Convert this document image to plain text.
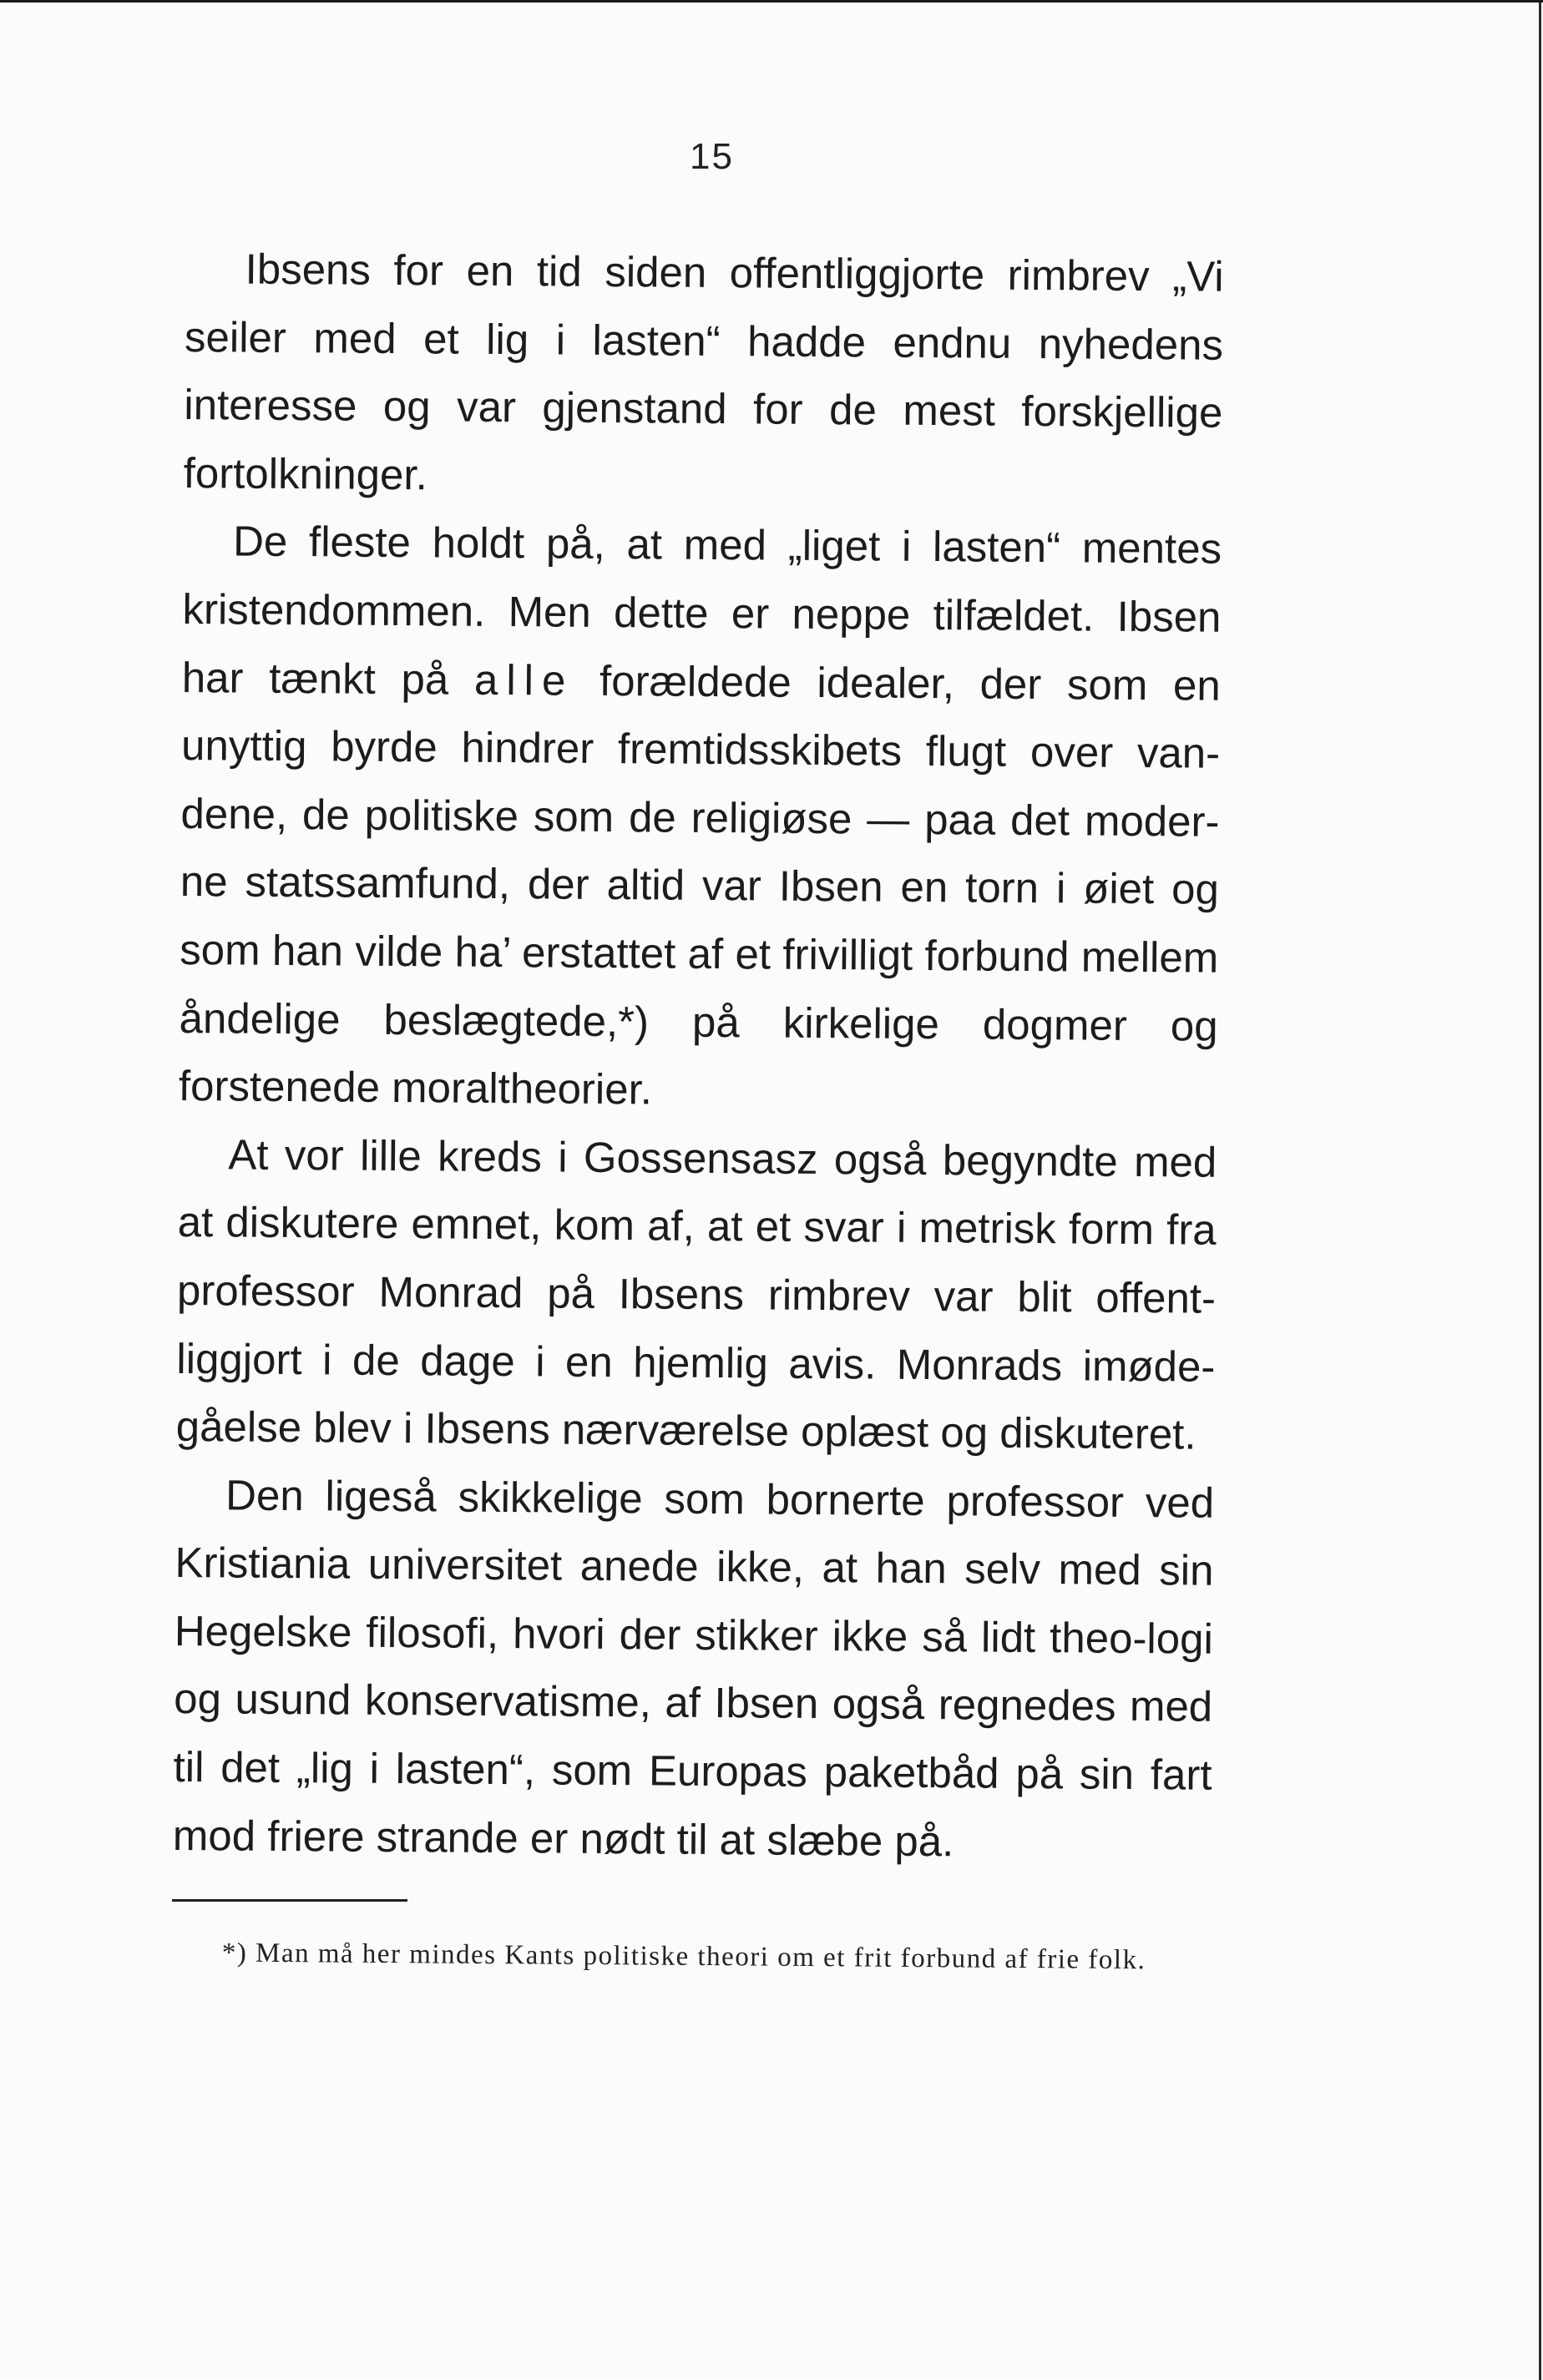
15

Ibsens for en tid siden offentliggjorte rimbrev „Vi seiler med et lig i lasten“ hadde endnu nyhedens interesse og var gjenstand for de mest forskjellige fortolkninger.

De fleste holdt på, at med „liget i lasten“ mentes kristendommen. Men dette er neppe tilfældet. Ibsen har tænkt på alle forældede idealer, der som en unyttig byrde hindrer fremtidsskibets flugt over van-dene, de politiske som de religiøse — paa det moder-ne statssamfund, der altid var Ibsen en torn i øiet og som han vilde ha’ erstattet af et frivilligt forbund mellem åndelige beslægtede,*) på kirkelige dogmer og forstenede moraltheorier.

At vor lille kreds i Gossensasz også begyndte med at diskutere emnet, kom af, at et svar i metrisk form fra professor Monrad på Ibsens rimbrev var blit offent-liggjort i de dage i en hjemlig avis. Monrads imøde-gåelse blev i Ibsens nærværelse oplæst og diskuteret.

Den ligeså skikkelige som bornerte professor ved Kristiania universitet anede ikke, at han selv med sin Hegelske filosofi, hvori der stikker ikke så lidt theo-logi og usund konservatisme, af Ibsen også regnedes med til det „lig i lasten“, som Europas paketbåd på sin fart mod friere strande er nødt til at slæbe på.

*) Man må her mindes Kants politiske theori om et frit forbund af frie folk.
